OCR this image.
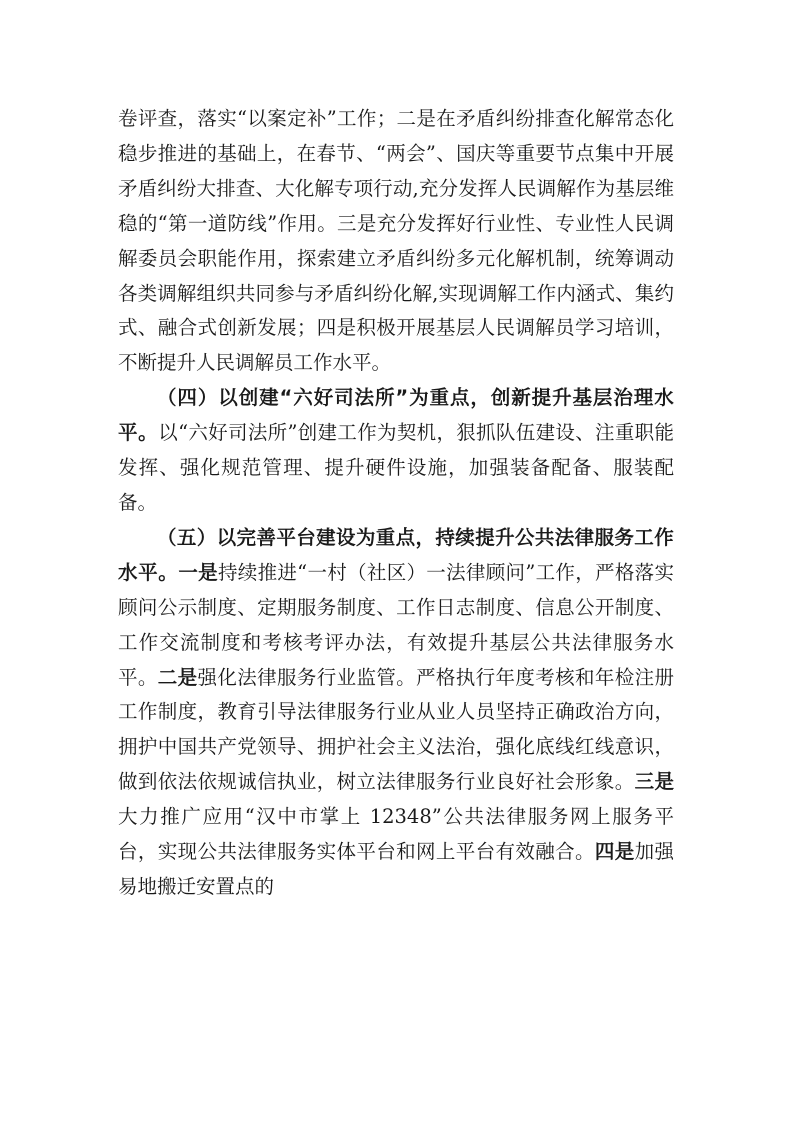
卷评查，落实“以案定补”工作；二是在矛盾纠纷排查化解常态化稳步推进的基础上，在春节、“两会”、国庆等重要节点集中开展矛盾纠纷大排查、大化解专项行动,充分发挥人民调解作为基层维稳的“第一道防线”作用。三是充分发挥好行业性、专业性人民调解委员会职能作用，探索建立矛盾纠纷多元化解机制，统筹调动各类调解组织共同参与矛盾纠纷化解,实现调解工作内涵式、集约式、融合式创新发展；四是积极开展基层人民调解员学习培训，不断提升人民调解员工作水平。

（四）以创建“六好司法所”为重点，创新提升基层治理水平。以“六好司法所”创建工作为契机，狠抓队伍建设、注重职能发挥、强化规范管理、提升硬件设施，加强装备配备、服装配备。

（五）以完善平台建设为重点，持续提升公共法律服务工作水平。一是持续推进“一村（社区）一法律顾问”工作，严格落实顾问公示制度、定期服务制度、工作日志制度、信息公开制度、工作交流制度和考核考评办法，有效提升基层公共法律服务水平。二是强化法律服务行业监管。严格执行年度考核和年检注册工作制度，教育引导法律服务行业从业人员坚持正确政治方向，拥护中国共产党领导、拥护社会主义法治，强化底线红线意识，做到依法依规诚信执业，树立法律服务行业良好社会形象。三是大力推广应用“汉中市掌上 12348”公共法律服务网上服务平台，实现公共法律服务实体平台和网上平台有效融合。四是加强易地搬迁安置点的
